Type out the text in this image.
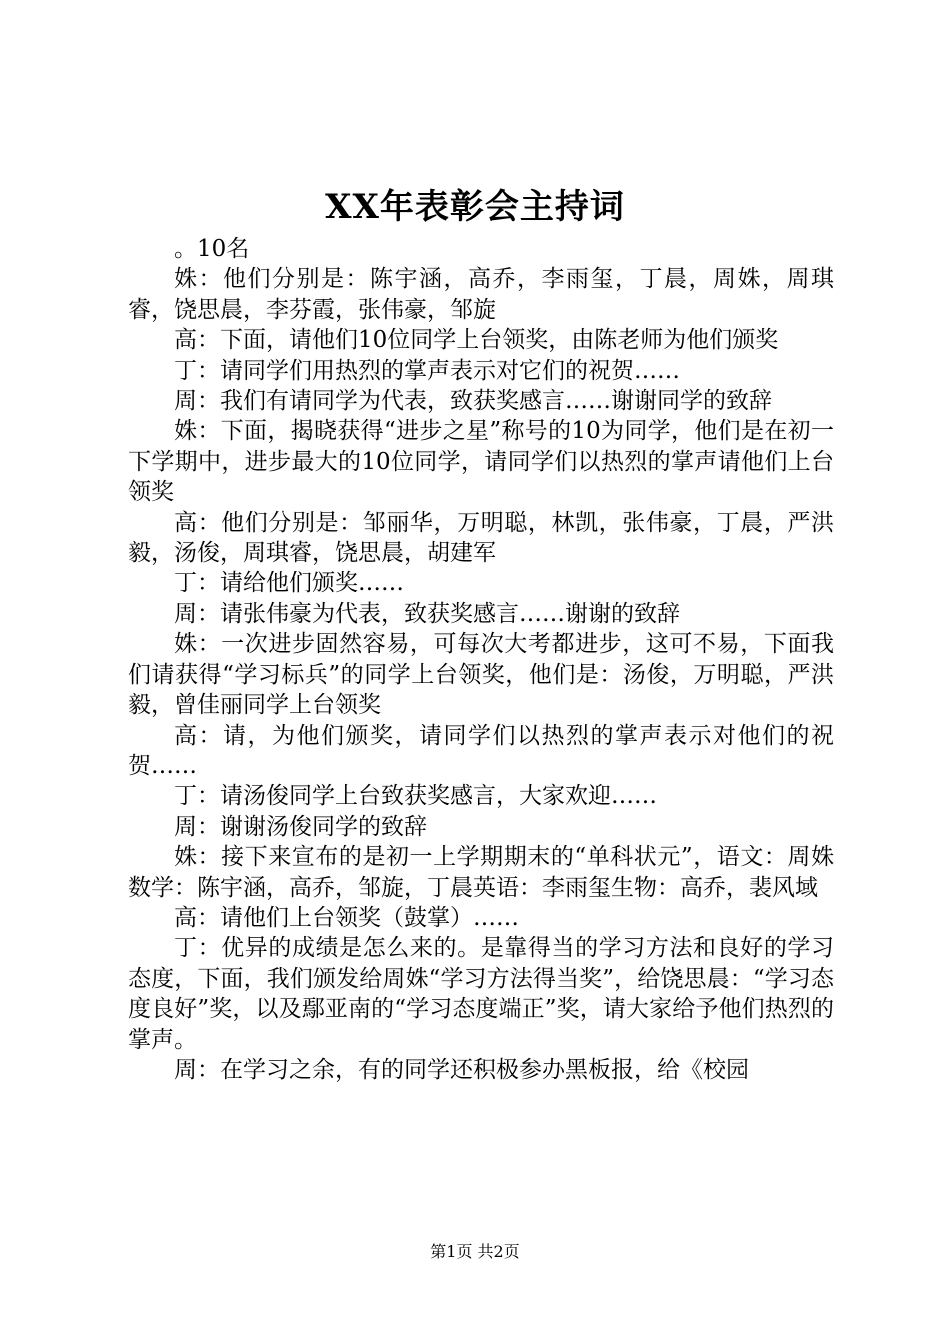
XX年表彰会主持词

。10名

姝：他们分别是：陈宇涵，高乔，李雨玺，丁晨，周姝，周琪睿，饶思晨，李芬霞，张伟豪，邹旋

高：下面，请他们10位同学上台领奖，由陈老师为他们颁奖

丁：请同学们用热烈的掌声表示对它们的祝贺……

周：我们有请同学为代表，致获奖感言……谢谢同学的致辞

姝：下面，揭晓获得“进步之星”称号的10为同学，他们是在初一下学期中，进步最大的10位同学，请同学们以热烈的掌声请他们上台领奖

高：他们分别是：邹丽华，万明聪，林凯，张伟豪，丁晨，严洪毅，汤俊，周琪睿，饶思晨，胡建军

丁：请给他们颁奖……

周：请张伟豪为代表，致获奖感言……谢谢的致辞

姝：一次进步固然容易，可每次大考都进步，这可不易，下面我们请获得“学习标兵”的同学上台领奖，他们是：汤俊，万明聪，严洪毅，曾佳丽同学上台领奖

高：请，为他们颁奖，请同学们以热烈的掌声表示对他们的祝贺……

丁：请汤俊同学上台致获奖感言，大家欢迎……

周：谢谢汤俊同学的致辞

姝：接下来宣布的是初一上学期期末的“单科状元”，语文：周姝数学：陈宇涵，高乔，邹旋，丁晨英语：李雨玺生物：高乔，裴风域

高：请他们上台领奖（鼓掌）……

丁：优异的成绩是怎么来的。是靠得当的学习方法和良好的学习态度，下面，我们颁发给周姝“学习方法得当奖”，给饶思晨：“学习态度良好”奖，以及鄢亚南的“学习态度端正”奖，请大家给予他们热烈的掌声。

周：在学习之余，有的同学还积极参办黑板报，给《校园

第1页 共2页
